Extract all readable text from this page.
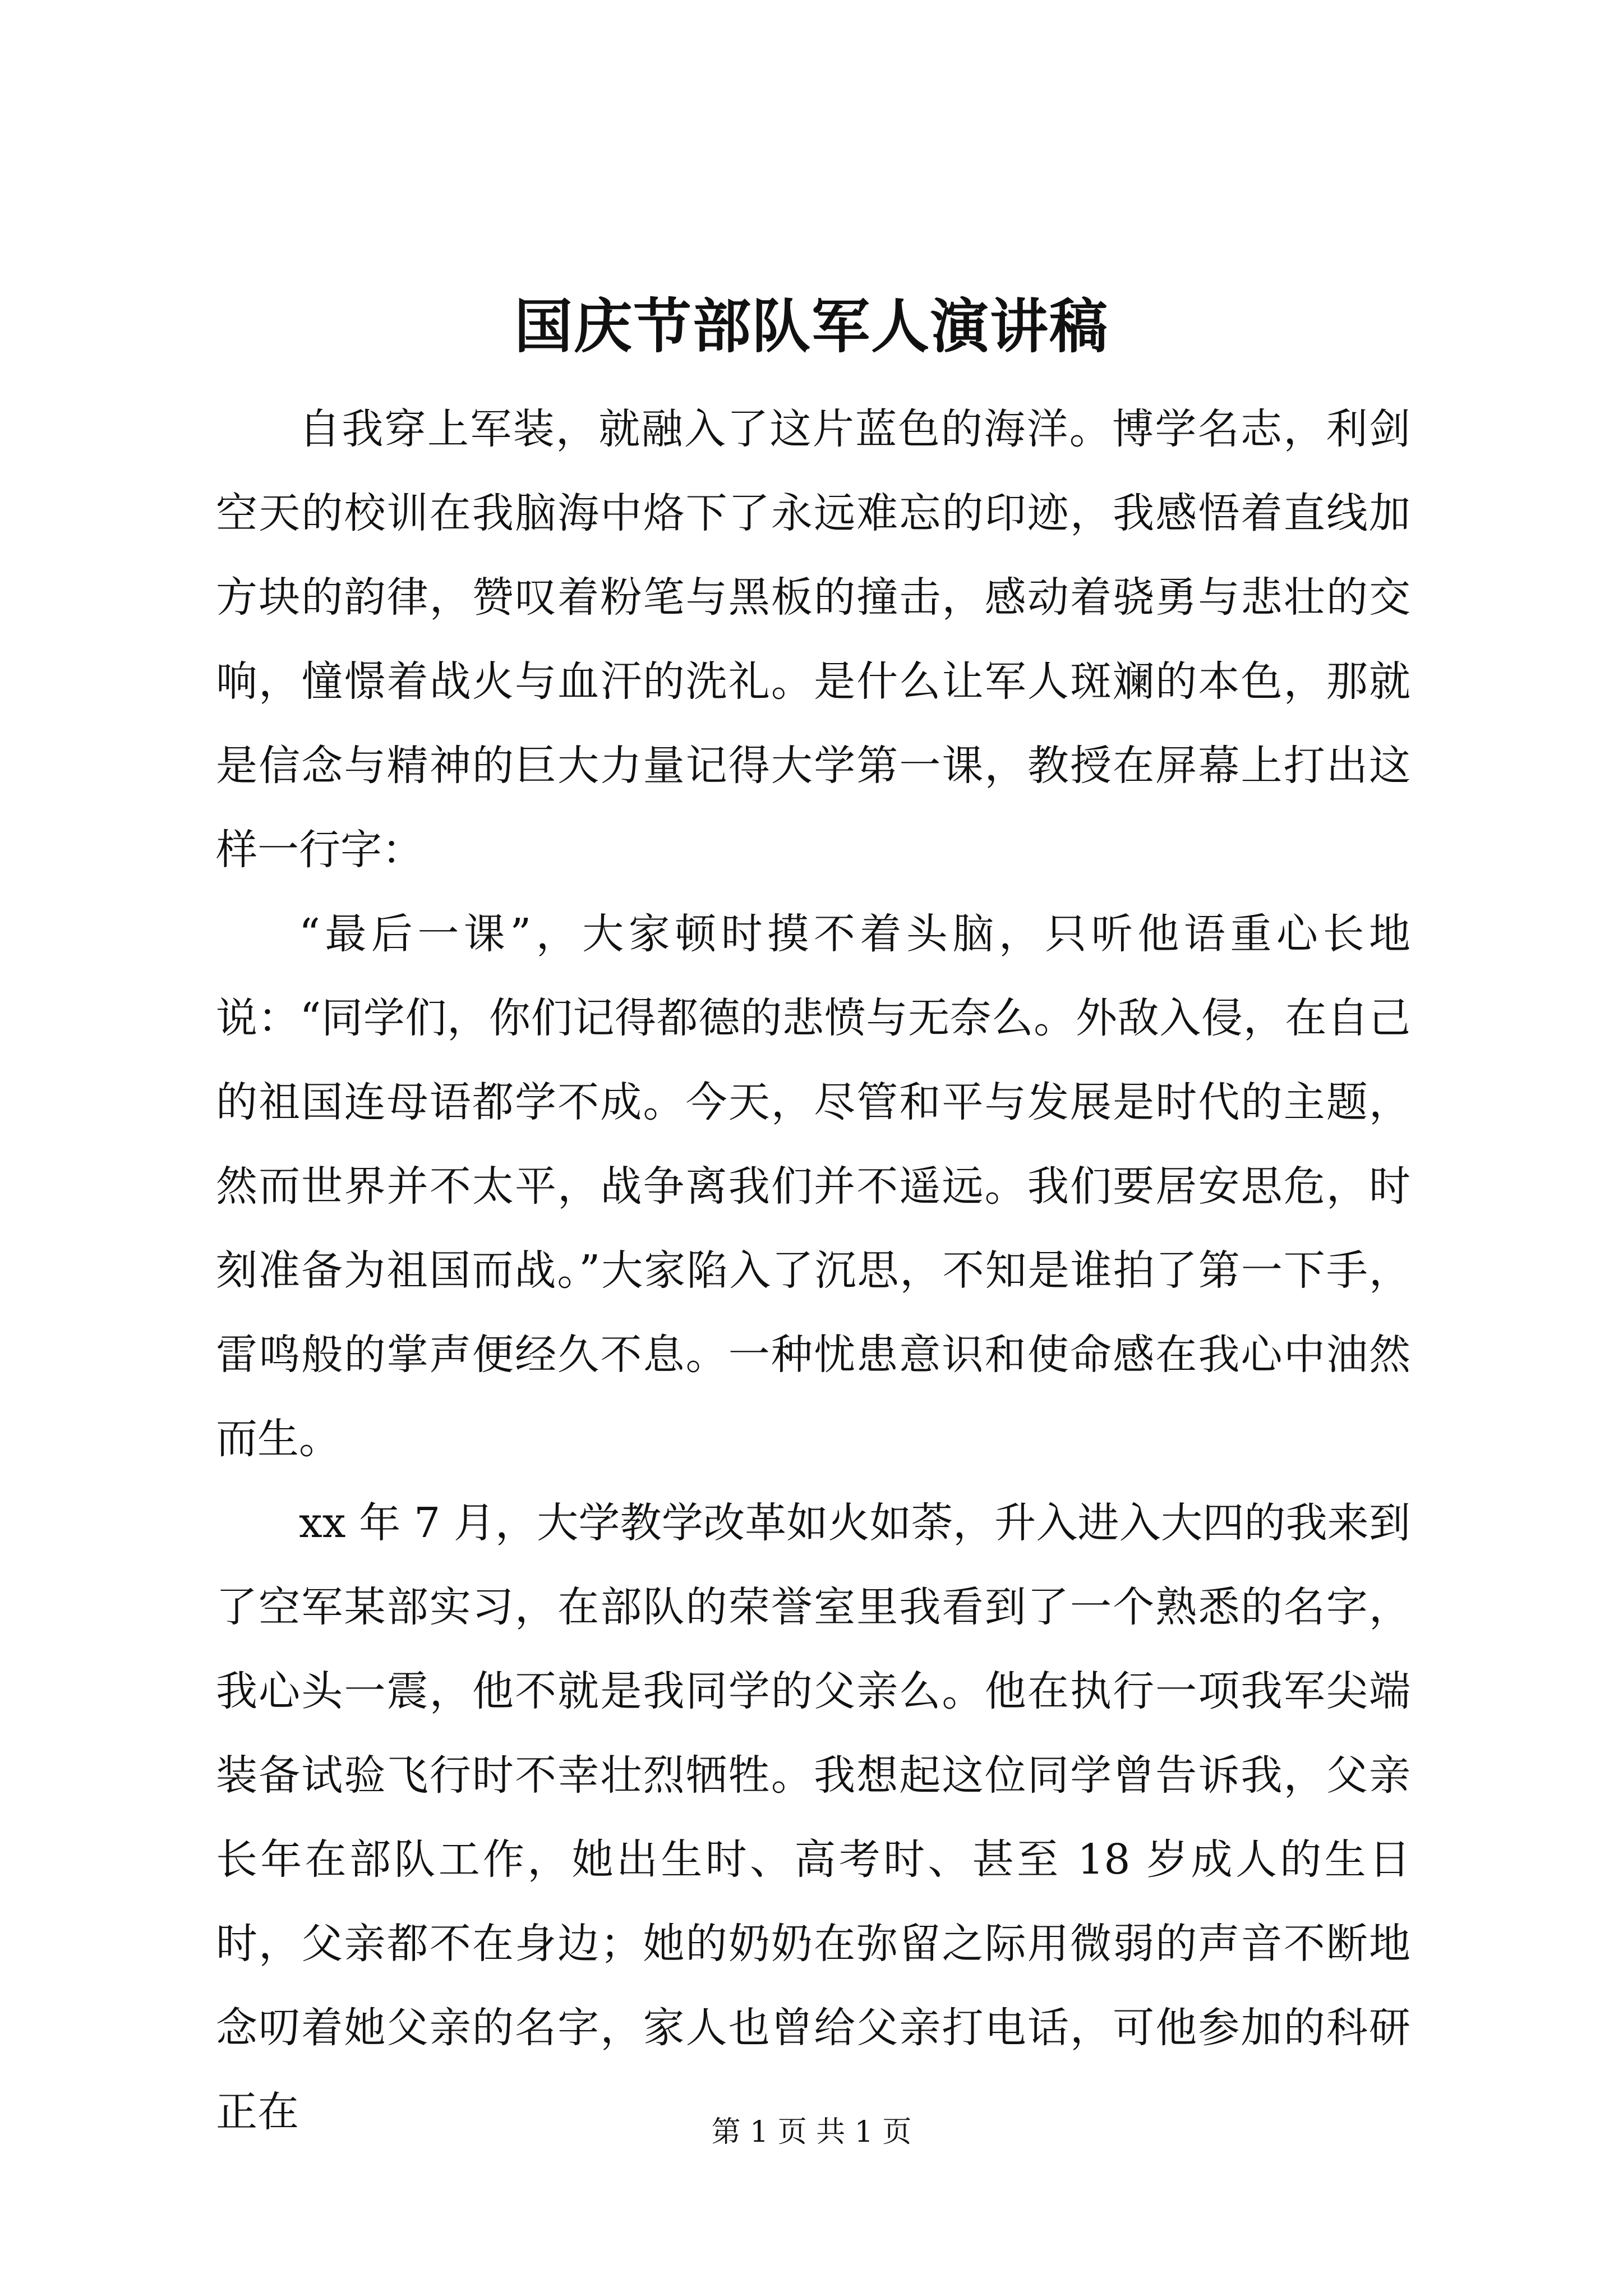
国庆节部队军人演讲稿

自我穿上军装，就融入了这片蓝色的海洋。博学名志，利剑空天的校训在我脑海中烙下了永远难忘的印迹，我感悟着直线加方块的韵律，赞叹着粉笔与黑板的撞击，感动着骁勇与悲壮的交响，憧憬着战火与血汗的洗礼。是什么让军人斑斓的本色，那就是信念与精神的巨大力量记得大学第一课，教授在屏幕上打出这样一行字：

“最后一课”，大家顿时摸不着头脑，只听他语重心长地说：“同学们，你们记得都德的悲愤与无奈么。外敌入侵，在自己的祖国连母语都学不成。今天，尽管和平与发展是时代的主题，然而世界并不太平，战争离我们并不遥远。我们要居安思危，时刻准备为祖国而战。”大家陷入了沉思，不知是谁拍了第一下手，雷鸣般的掌声便经久不息。一种忧患意识和使命感在我心中油然而生。

xx 年 7 月，大学教学改革如火如荼，升入进入大四的我来到了空军某部实习，在部队的荣誉室里我看到了一个熟悉的名字，我心头一震，他不就是我同学的父亲么。他在执行一项我军尖端装备试验飞行时不幸壮烈牺牲。我想起这位同学曾告诉我，父亲长年在部队工作，她出生时、高考时、甚至 18 岁成人的生日时，父亲都不在身边；她的奶奶在弥留之际用微弱的声音不断地念叨着她父亲的名字，家人也曾给父亲打电话，可他参加的科研正在	第 1 页 共 1 页
